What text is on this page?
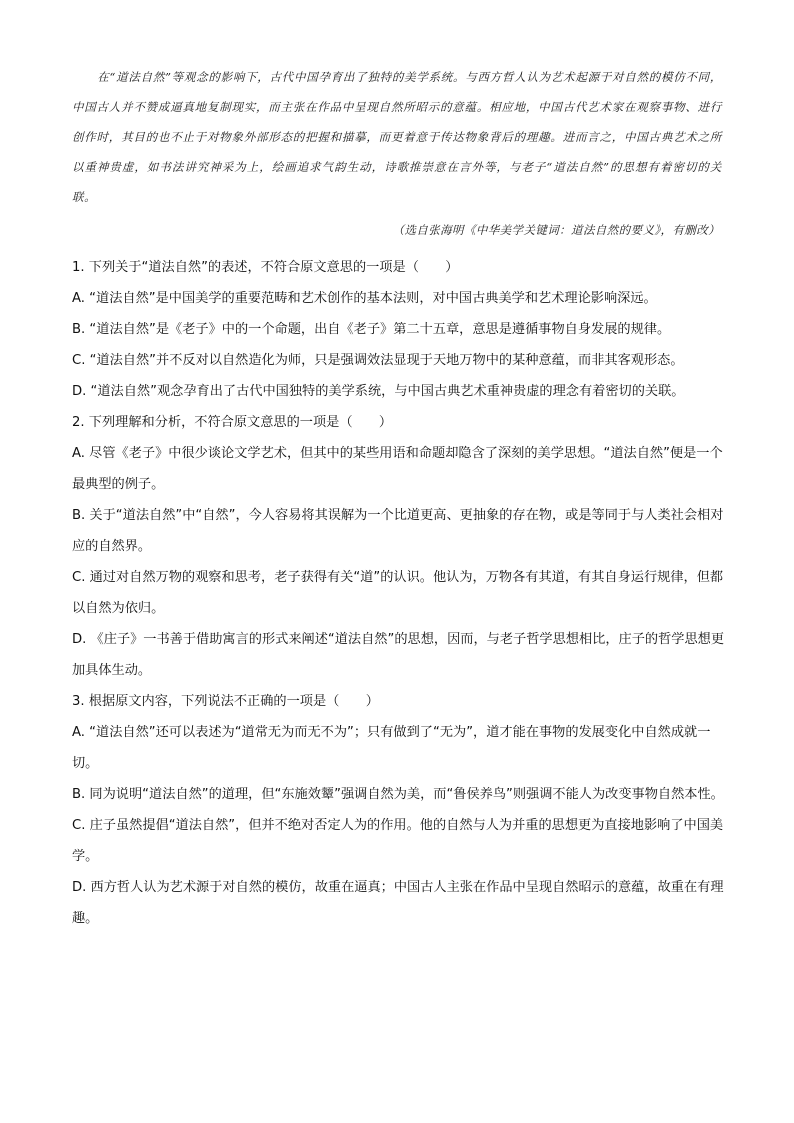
在“道法自然”等观念的影响下，古代中国孕育出了独特的美学系统。与西方哲人认为艺术起源于对自然的模仿不同，中国古人并不赞成逼真地复制现实，而主张在作品中呈现自然所昭示的意蕴。相应地，中国古代艺术家在观察事物、进行创作时，其目的也不止于对物象外部形态的把握和描摹，而更着意于传达物象背后的理趣。进而言之，中国古典艺术之所以重神贵虚，如书法讲究神采为上，绘画追求气韵生动，诗歌推崇意在言外等，与老子“道法自然”的思想有着密切的关联。

（选自张海明《中华美学关键词：道法自然的要义》，有删改）

1. 下列关于“道法自然”的表述，不符合原文意思的一项是（　　）

A. “道法自然”是中国美学的重要范畴和艺术创作的基本法则，对中国古典美学和艺术理论影响深远。

B. “道法自然”是《老子》中的一个命题，出自《老子》第二十五章，意思是遵循事物自身发展的规律。

C. “道法自然”并不反对以自然造化为师，只是强调效法显现于天地万物中的某种意蕴，而非其客观形态。

D. “道法自然”观念孕育出了古代中国独特的美学系统，与中国古典艺术重神贵虚的理念有着密切的关联。

2. 下列理解和分析，不符合原文意思的一项是（　　）

A. 尽管《老子》中很少谈论文学艺术，但其中的某些用语和命题却隐含了深刻的美学思想。“道法自然”便是一个最典型的例子。

B. 关于“道法自然”中“自然”，今人容易将其误解为一个比道更高、更抽象的存在物，或是等同于与人类社会相对应的自然界。

C. 通过对自然万物的观察和思考，老子获得有关“道”的认识。他认为，万物各有其道，有其自身运行规律，但都以自然为依归。

D. 《庄子》一书善于借助寓言的形式来阐述“道法自然”的思想，因而，与老子哲学思想相比，庄子的哲学思想更加具体生动。

3. 根据原文内容，下列说法不正确的一项是（　　）

A. “道法自然”还可以表述为“道常无为而无不为”；只有做到了“无为”，道才能在事物的发展变化中自然成就一切。

B. 同为说明“道法自然”的道理，但“东施效颦”强调自然为美，而“鲁侯养鸟”则强调不能人为改变事物自然本性。

C. 庄子虽然提倡“道法自然”，但并不绝对否定人为的作用。他的自然与人为并重的思想更为直接地影响了中国美学。

D. 西方哲人认为艺术源于对自然的模仿，故重在逼真；中国古人主张在作品中呈现自然昭示的意蕴，故重在有理趣。
